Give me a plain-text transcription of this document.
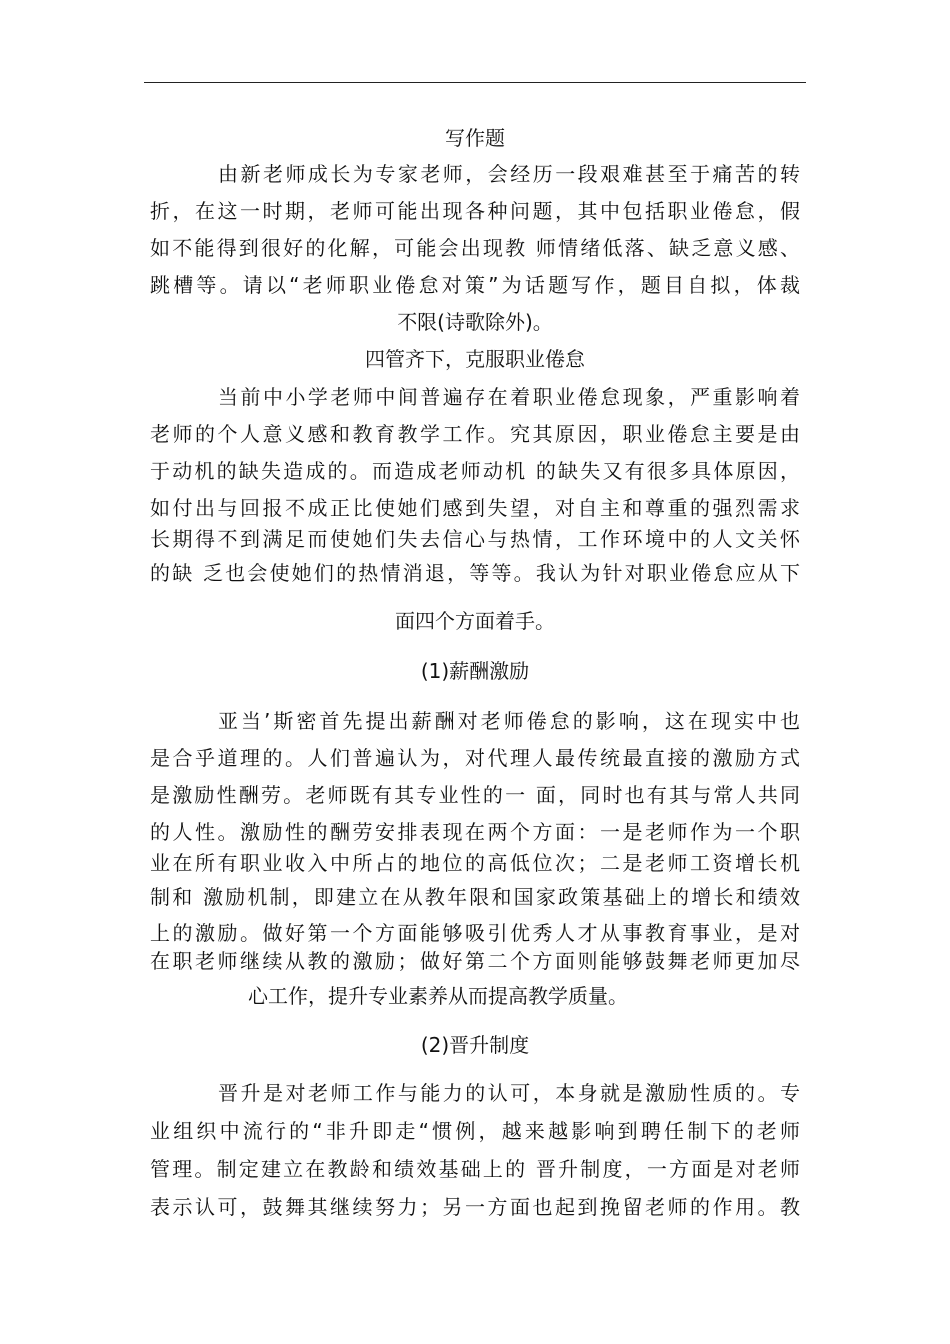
写作题
由新老师成长为专家老师，会经历一段艰难甚至于痛苦的转
折，在这一时期，老师可能出现各种问题，其中包括职业倦怠，假
如不能得到很好的化解，可能会出现教 师情绪低落、缺乏意义感、
跳槽等。请以“老师职业倦怠对策”为话题写作，题目自拟，体裁
不限(诗歌除外)。
四管齐下，克服职业倦怠
当前中小学老师中间普遍存在着职业倦怠现象，严重影响着
老师的个人意义感和教育教学工作。究其原因，职业倦怠主要是由
于动机的缺失造成的。而造成老师动机 的缺失又有很多具体原因，
如付出与回报不成正比使她们感到失望，对自主和尊重的强烈需求
长期得不到满足而使她们失去信心与热情，工作环境中的人文关怀
的缺 乏也会使她们的热情消退，等等。我认为针对职业倦怠应从下
面四个方面着手。
(1)薪酬激励
亚当’斯密首先提出薪酬对老师倦怠的影响，这在现实中也
是合乎道理的。人们普遍认为，对代理人最传统最直接的激励方式
是激励性酬劳。老师既有其专业性的一 面，同时也有其与常人共同
的人性。激励性的酬劳安排表现在两个方面：一是老师作为一个职
业在所有职业收入中所占的地位的高低位次；二是老师工资增长机
制和 激励机制，即建立在从教年限和国家政策基础上的增长和绩效
上的激励。做好第一个方面能够吸引优秀人才从事教育事业，是对
在职老师继续从教的激励；做好第二个方面则能够鼓舞老师更加尽
心工作，提升专业素养从而提高教学质量。
(2)晋升制度
晋升是对老师工作与能力的认可，本身就是激励性质的。专
业组织中流行的“非升即走“惯例，越来越影响到聘任制下的老师
管理。制定建立在教龄和绩效基础上的 晋升制度，一方面是对老师
表示认可，鼓舞其继续努力；另一方面也起到挽留老师的作用。教
